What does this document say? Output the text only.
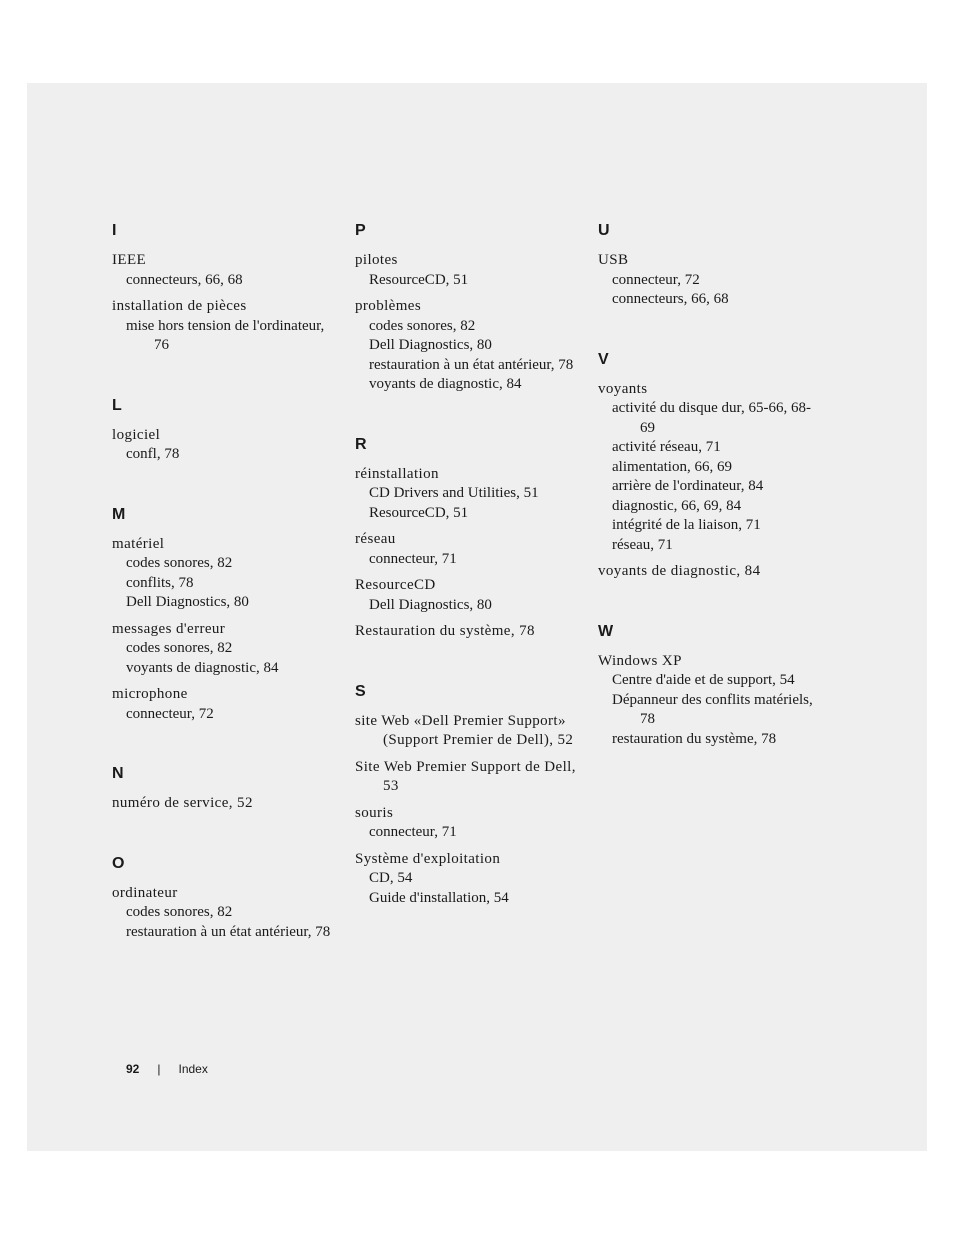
I
IEEE
connecteurs, 66, 68
installation de pièces
mise hors tension de l'ordinateur, 76
L
logiciel
confl, 78
M
matériel
codes sonores, 82
conflits, 78
Dell Diagnostics, 80
messages d'erreur
codes sonores, 82
voyants de diagnostic, 84
microphone
connecteur, 72
N
numéro de service, 52
O
ordinateur
codes sonores, 82
restauration à un état antérieur, 78
P
pilotes
ResourceCD, 51
problèmes
codes sonores, 82
Dell Diagnostics, 80
restauration à un état antérieur, 78
voyants de diagnostic, 84
R
réinstallation
CD Drivers and Utilities, 51
ResourceCD, 51
réseau
connecteur, 71
ResourceCD
Dell Diagnostics, 80
Restauration du système, 78
S
site Web «Dell Premier Support» (Support Premier de Dell), 52
Site Web Premier Support de Dell, 53
souris
connecteur, 71
Système d'exploitation
CD, 54
Guide d'installation, 54
U
USB
connecteur, 72
connecteurs, 66, 68
V
voyants
activité du disque dur, 65-66, 68-69
activité réseau, 71
alimentation, 66, 69
arrière de l'ordinateur, 84
diagnostic, 66, 69, 84
intégrité de la liaison, 71
réseau, 71
voyants de diagnostic, 84
W
Windows XP
Centre d'aide et de support, 54
Dépanneur des conflits matériels, 78
restauration du système, 78
92 | Index
